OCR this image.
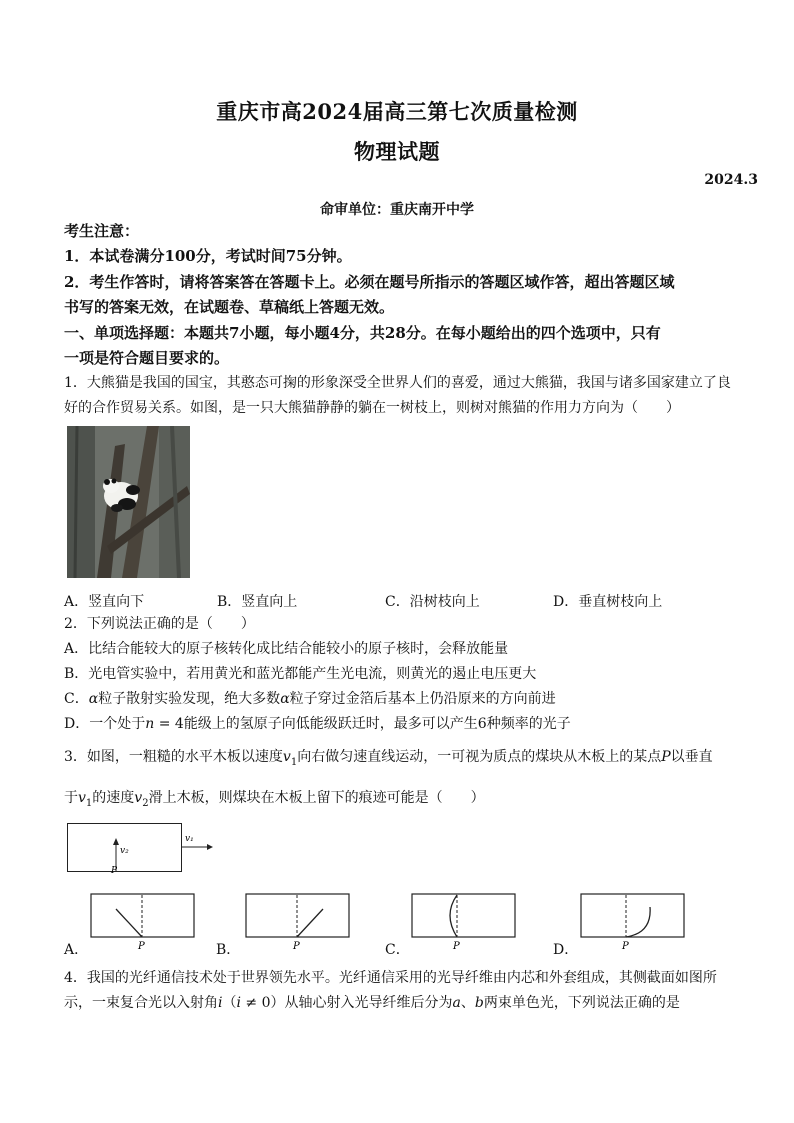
重庆市高2024届高三第七次质量检测
物理试题
2024.3
命审单位：重庆南开中学
考生注意：
1．本试卷满分100分，考试时间75分钟。
2．考生作答时，请将答案答在答题卡上。必须在题号所指示的答题区域作答，超出答题区域
书写的答案无效，在试题卷、草稿纸上答题无效。
一、单项选择题：本题共7小题，每小题4分，共28分。在每小题给出的四个选项中，只有
一项是符合题目要求的。
1．大熊猫是我国的国宝，其憨态可掬的形象深受全世界人们的喜爱，通过大熊猫，我国与诸多国家建立了良
好的合作贸易关系。如图，是一只大熊猫静静的躺在一树枝上，则树对熊猫的作用力方向为（　　）
A．竖直向下	B．竖直向上	C．沿树枝向上	D．垂直树枝向上
2．下列说法正确的是（　　）
A．比结合能较大的原子核转化成比结合能较小的原子核时，会释放能量
B．光电管实验中，若用黄光和蓝光都能产生光电流，则黄光的遏止电压更大
C．α粒子散射实验发现，绝大多数α粒子穿过金箔后基本上仍沿原来的方向前进
D．一个处于n = 4能级上的氢原子向低能级跃迁时，最多可以产生6种频率的光子
3．如图，一粗糙的水平木板以速度$v_1$向右做匀速直线运动，一可视为质点的煤块从木板上的某点P以垂直
于$v_1$的速度$v_2$滑上木板，则煤块在木板上留下的痕迹可能是（　　）
v₁
v₂
P
P	P	P	P
A．	B．	C．	D．
4．我国的光纤通信技术处于世界领先水平。光纤通信采用的光导纤维由内芯和外套组成，其侧截面如图所
示，一束复合光以入射角i（i ≠ 0）从轴心射入光导纤维后分为a、b两束单色光，下列说法正确的是
